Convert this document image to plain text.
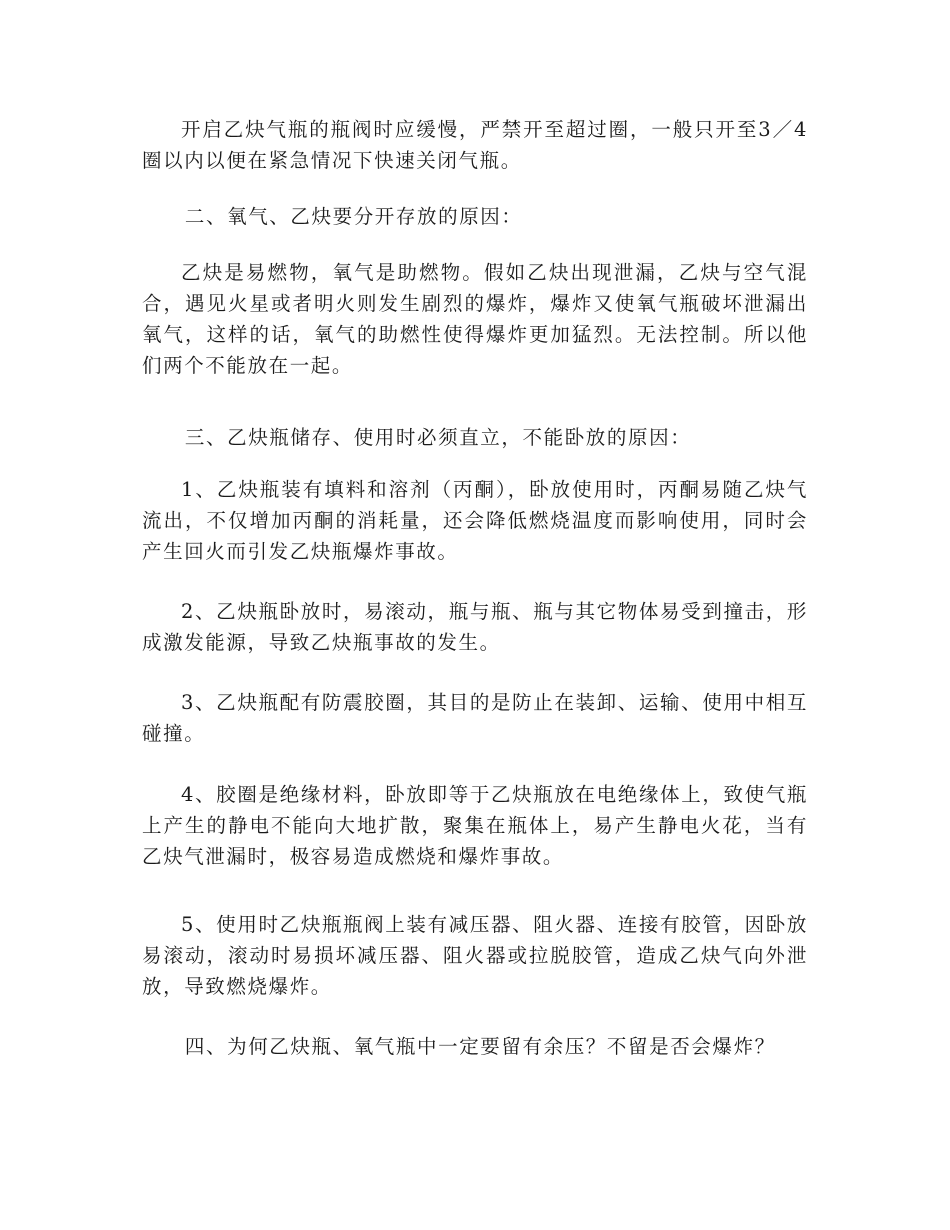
开启乙炔气瓶的瓶阀时应缓慢，严禁开至超过圈，一般只开至3／4圈以内以便在紧急情况下快速关闭气瓶。

二、氧气、乙炔要分开存放的原因：

乙炔是易燃物，氧气是助燃物。假如乙炔出现泄漏，乙炔与空气混合，遇见火星或者明火则发生剧烈的爆炸，爆炸又使氧气瓶破坏泄漏出氧气，这样的话，氧气的助燃性使得爆炸更加猛烈。无法控制。所以他们两个不能放在一起。

三、乙炔瓶储存、使用时必须直立，不能卧放的原因：

1、乙炔瓶装有填料和溶剂（丙酮），卧放使用时，丙酮易随乙炔气流出，不仅增加丙酮的消耗量，还会降低燃烧温度而影响使用，同时会产生回火而引发乙炔瓶爆炸事故。

2、乙炔瓶卧放时，易滚动，瓶与瓶、瓶与其它物体易受到撞击，形成激发能源，导致乙炔瓶事故的发生。

3、乙炔瓶配有防震胶圈，其目的是防止在装卸、运输、使用中相互碰撞。

4、胶圈是绝缘材料，卧放即等于乙炔瓶放在电绝缘体上，致使气瓶上产生的静电不能向大地扩散，聚集在瓶体上，易产生静电火花，当有乙炔气泄漏时，极容易造成燃烧和爆炸事故。

5、使用时乙炔瓶瓶阀上装有减压器、阻火器、连接有胶管，因卧放易滚动，滚动时易损坏减压器、阻火器或拉脱胶管，造成乙炔气向外泄放，导致燃烧爆炸。

四、为何乙炔瓶、氧气瓶中一定要留有余压？不留是否会爆炸？
